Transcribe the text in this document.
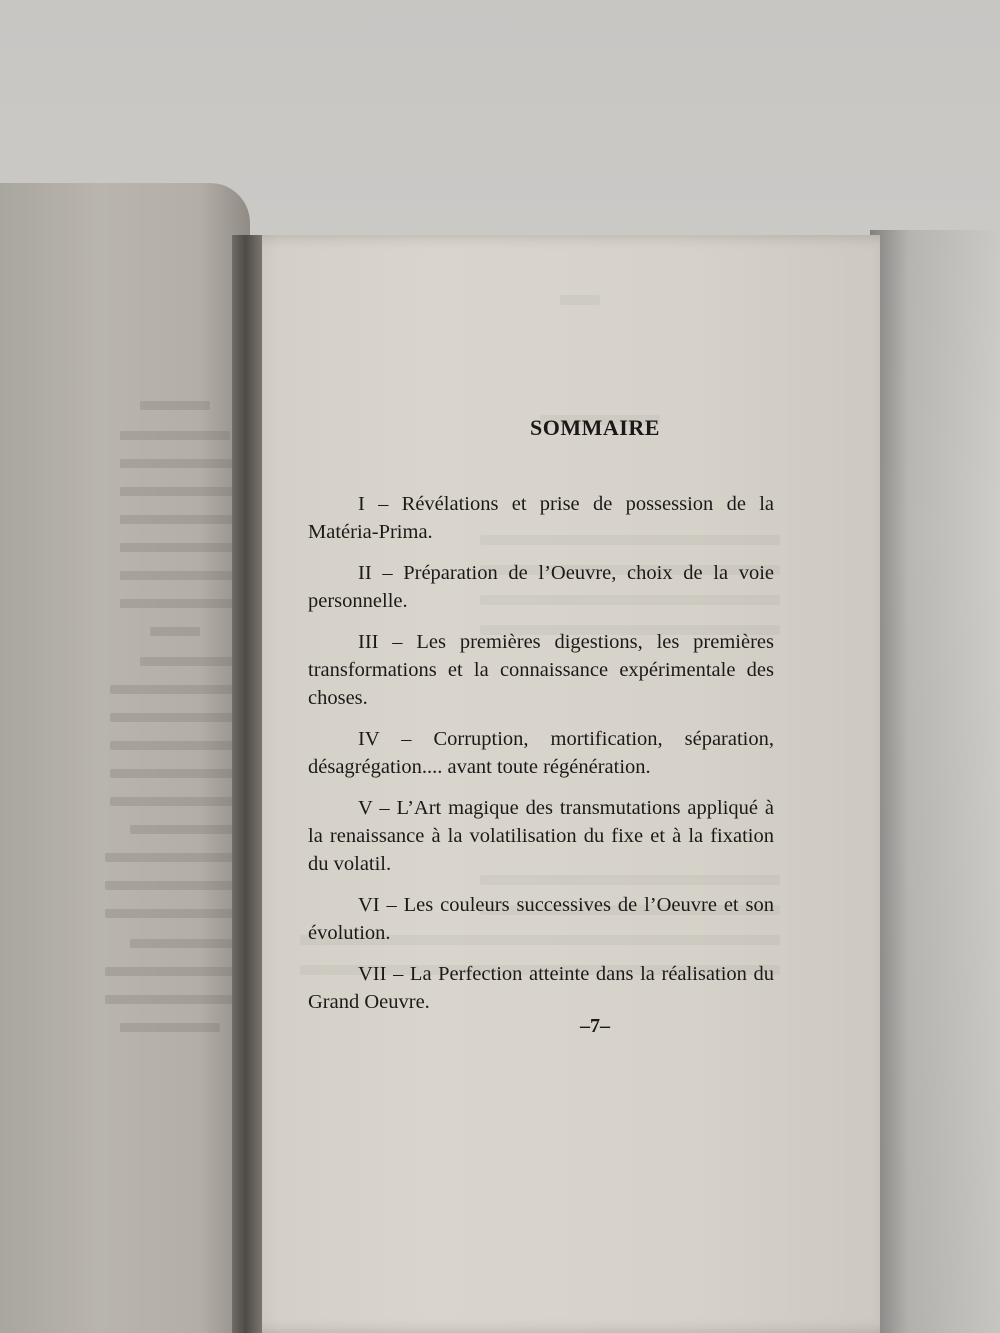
SOMMAIRE

I – Révélations et prise de possession de la Matéria-Prima.

II – Préparation de l’Oeuvre, choix de la voie personnelle.

III – Les premières digestions, les premières transformations et la connaissance expérimentale des choses.

IV – Corruption, mortification, séparation, désagrégation.... avant toute régénération.

V – L’Art magique des transmutations appliqué à la renaissance à la volatilisation du fixe et à la fixation du volatil.

VI – Les couleurs successives de l’Oeuvre et son évolution.

VII – La Perfection atteinte dans la réalisation du Grand Oeuvre.

–7–
